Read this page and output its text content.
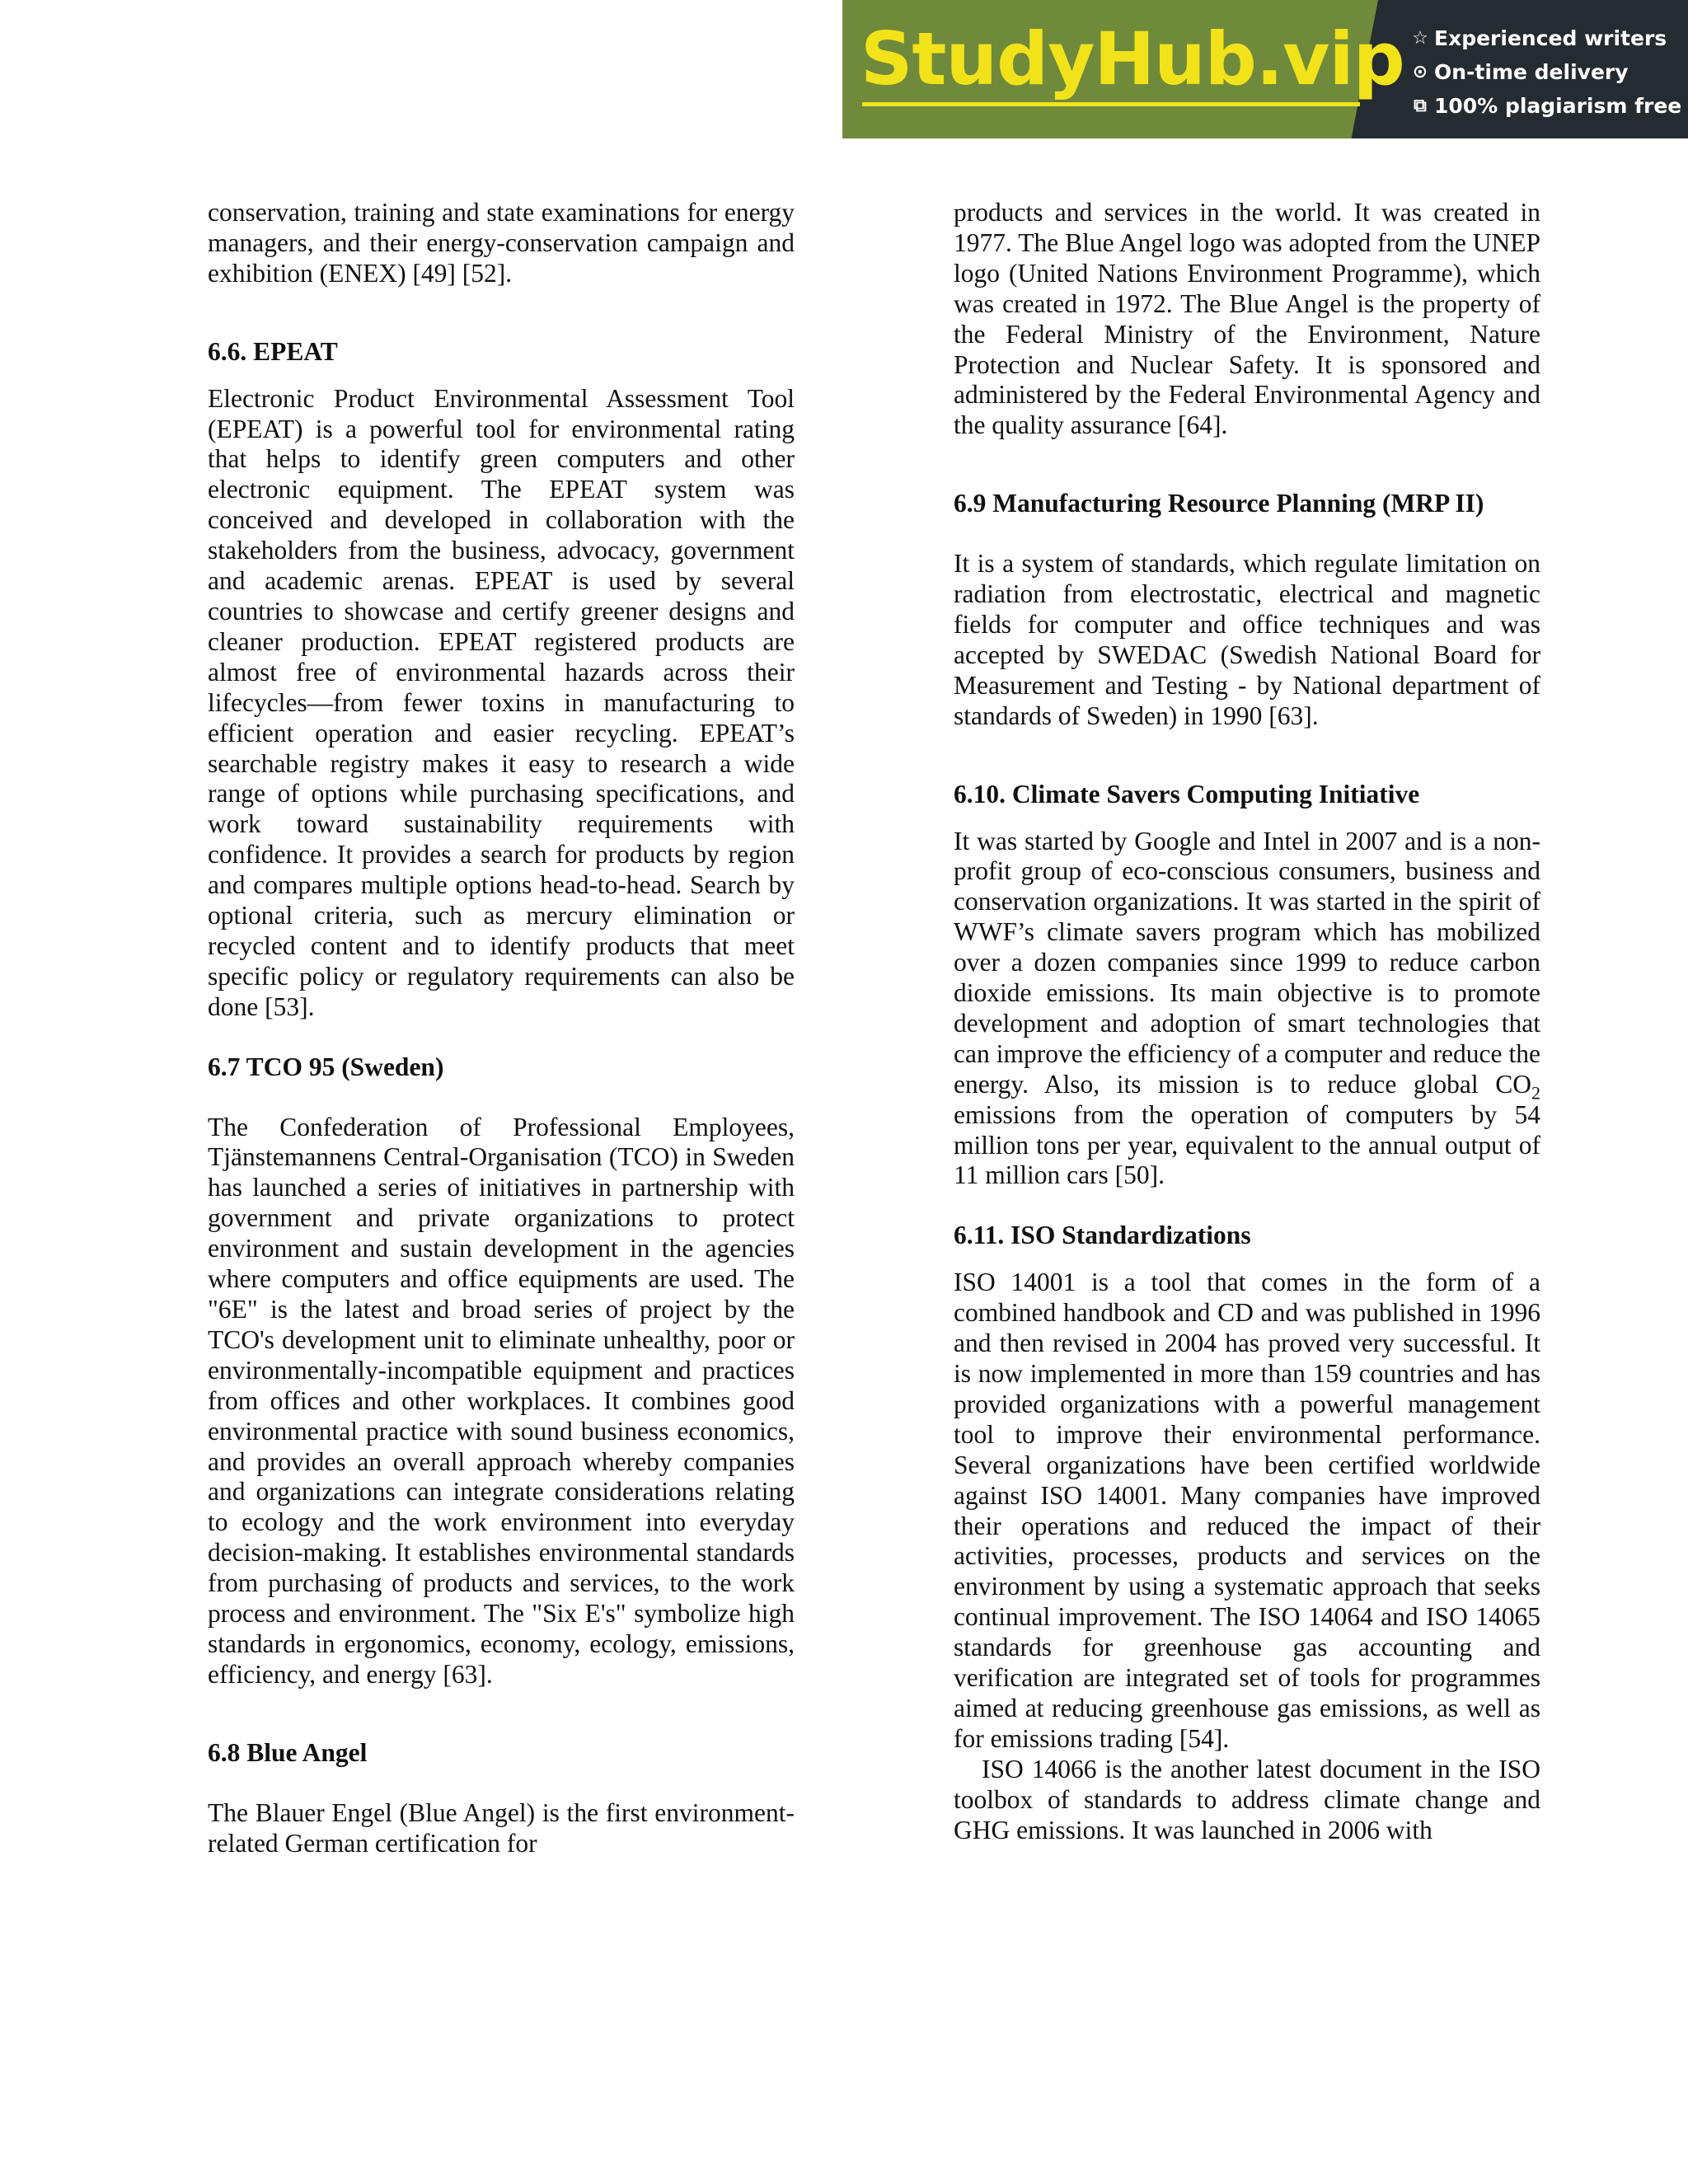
StudyHub.vip ☆ Experienced writers
⊙ On-time delivery
⧉ 100% plagiarism free

conservation, training and state examinations for energy managers, and their energy-conservation campaign and exhibition (ENEX) [49] [52].

6.6. EPEAT

Electronic Product Environmental Assessment Tool (EPEAT) is a powerful tool for environmental rating that helps to identify green computers and other electronic equipment. The EPEAT system was conceived and developed in collaboration with the stakeholders from the business, advocacy, government and academic arenas. EPEAT is used by several countries to showcase and certify greener designs and cleaner production. EPEAT registered products are almost free of environmental hazards across their lifecycles—from fewer toxins in manufacturing to efficient operation and easier recycling. EPEAT’s searchable registry makes it easy to research a wide range of options while purchasing specifications, and work toward sustainability requirements with confidence. It provides a search for products by region and compares multiple options head-to-head. Search by optional criteria, such as mercury elimination or recycled content and to identify products that meet specific policy or regulatory requirements can also be done [53].

6.7 TCO 95 (Sweden)

The Confederation of Professional Employees, Tjänstemannens Central-Organisation (TCO) in Sweden has launched a series of initiatives in partnership with government and private organizations to protect environment and sustain development in the agencies where computers and office equipments are used. The "6E" is the latest and broad series of project by the TCO's development unit to eliminate unhealthy, poor or environmentally-incompatible equipment and practices from offices and other workplaces. It combines good environmental practice with sound business economics, and provides an overall approach whereby companies and organizations can integrate considerations relating to ecology and the work environment into everyday decision-making. It establishes environmental standards from purchasing of products and services, to the work process and environment. The "Six E's" symbolize high standards in ergonomics, economy, ecology, emissions, efficiency, and energy [63].

6.8 Blue Angel

The Blauer Engel (Blue Angel) is the first environment-related German certification for

products and services in the world. It was created in 1977. The Blue Angel logo was adopted from the UNEP logo (United Nations Environment Programme), which was created in 1972. The Blue Angel is the property of the Federal Ministry of the Environment, Nature Protection and Nuclear Safety. It is sponsored and administered by the Federal Environmental Agency and the quality assurance [64].

6.9 Manufacturing Resource Planning (MRP II)

It is a system of standards, which regulate limitation on radiation from electrostatic, electrical and magnetic fields for computer and office techniques and was accepted by SWEDAC (Swedish National Board for Measurement and Testing - by National department of standards of Sweden) in 1990 [63].

6.10. Climate Savers Computing Initiative

It was started by Google and Intel in 2007 and is a non-profit group of eco-conscious consumers, business and conservation organizations. It was started in the spirit of WWF’s climate savers program which has mobilized over a dozen companies since 1999 to reduce carbon dioxide emissions. Its main objective is to promote development and adoption of smart technologies that can improve the efficiency of a computer and reduce the energy. Also, its mission is to reduce global $CO_2$ emissions from the operation of computers by 54 million tons per year, equivalent to the annual output of 11 million cars [50].

6.11. ISO Standardizations

ISO 14001 is a tool that comes in the form of a combined handbook and CD and was published in 1996 and then revised in 2004 has proved very successful. It is now implemented in more than 159 countries and has provided organizations with a powerful management tool to improve their environmental performance. Several organizations have been certified worldwide against ISO 14001. Many companies have improved their operations and reduced the impact of their activities, processes, products and services on the environment by using a systematic approach that seeks continual improvement. The ISO 14064 and ISO 14065 standards for greenhouse gas accounting and verification are integrated set of tools for programmes aimed at reducing greenhouse gas emissions, as well as for emissions trading [54].

ISO 14066 is the another latest document in the ISO toolbox of standards to address climate change and GHG emissions. It was launched in 2006 with
